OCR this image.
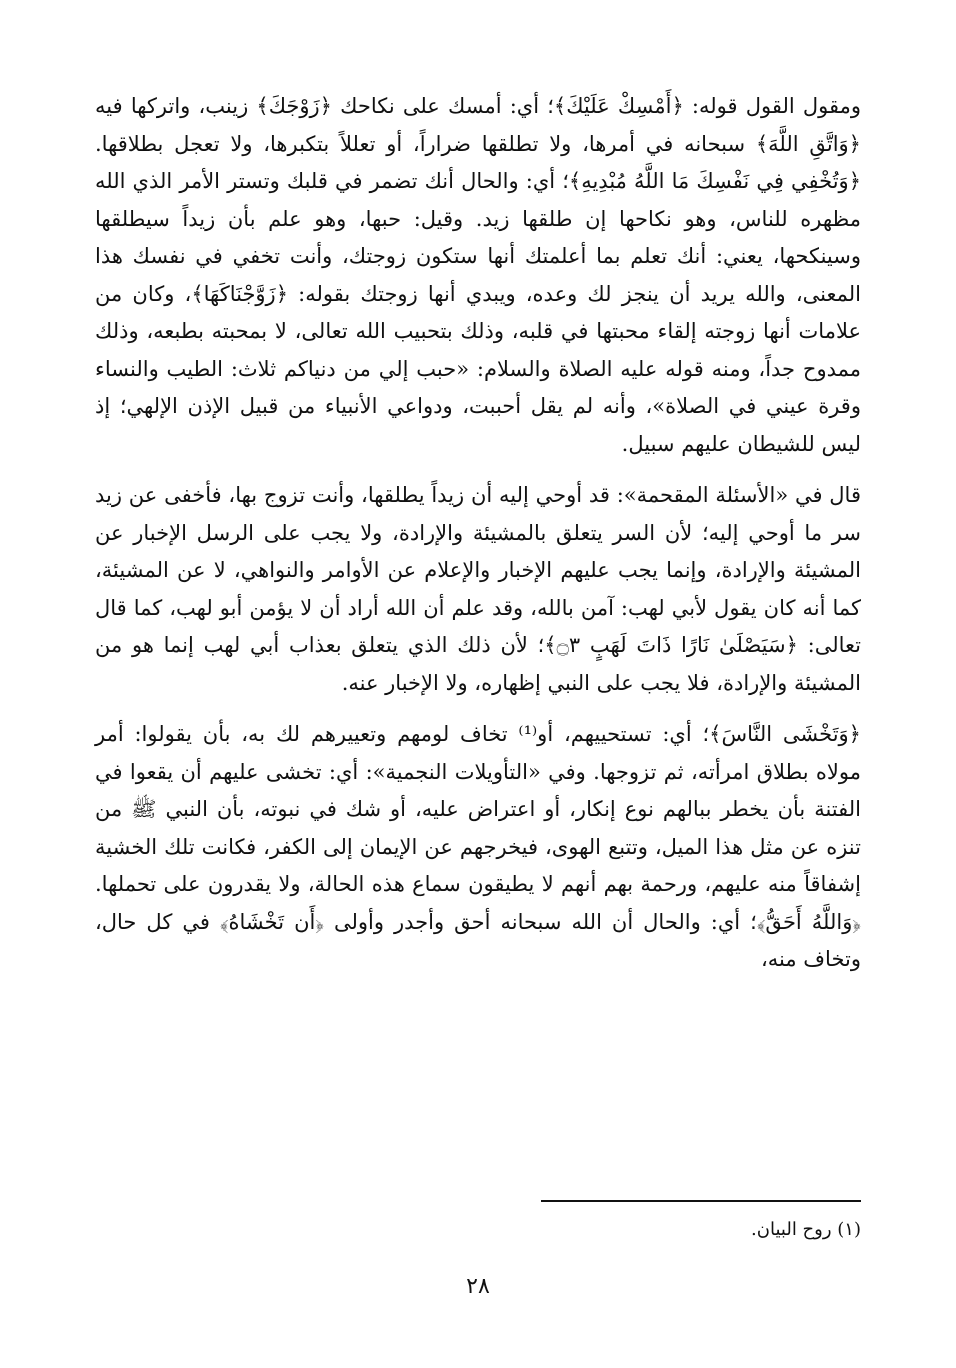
ومقول القول قوله: ﴿أَمْسِكْ عَلَيْكَ﴾؛ أي: أمسك على نكاحك ﴿زَوْجَكَ﴾ زينب، واتركها فيه ﴿وَاتَّقِ اللَّهَ﴾ سبحانه في أمرها، ولا تطلقها ضراراً، أو تعللاً بتكبرها، ولا تعجل بطلاقها. ﴿وَتُخْفِي فِي نَفْسِكَ مَا اللَّهُ مُبْدِيهِ﴾؛ أي: والحال أنك تضمر في قلبك وتستر الأمر الذي الله مظهره للناس، وهو نكاحها إن طلقها زيد. وقيل: حبها، وهو علم بأن زيداً سيطلقها وسينكحها، يعني: أنك تعلم بما أعلمتك أنها ستكون زوجتك، وأنت تخفي في نفسك هذا المعنى، والله يريد أن ينجز لك وعده، ويبدي أنها زوجتك بقوله: ﴿زَوَّجْنَاكَهَا﴾، وكان من علامات أنها زوجته إلقاء محبتها في قلبه، وذلك بتحبيب الله تعالى، لا بمحبته بطبعه، وذلك ممدوح جداً، ومنه قوله عليه الصلاة والسلام: «حبب إلي من دنياكم ثلاث: الطيب والنساء وقرة عيني في الصلاة»، وأنه لم يقل أحببت، ودواعي الأنبياء من قبيل الإذن الإلهي؛ إذ ليس للشيطان عليهم سبيل.

قال في «الأسئلة المقحمة»: قد أوحي إليه أن زيداً يطلقها، وأنت تزوج بها، فأخفى عن زيد سر ما أوحي إليه؛ لأن السر يتعلق بالمشيئة والإرادة، ولا يجب على الرسل الإخبار عن المشيئة والإرادة، وإنما يجب عليهم الإخبار والإعلام عن الأوامر والنواهي، لا عن المشيئة، كما أنه كان يقول لأبي لهب: آمن بالله، وقد علم أن الله أراد أن لا يؤمن أبو لهب، كما قال تعالى: ﴿سَيَصْلَىٰ نَارًا ذَاتَ لَهَبٍ ۝٣﴾؛ لأن ذلك الذي يتعلق بعذاب أبي لهب إنما هو من المشيئة والإرادة، فلا يجب على النبي إظهاره، ولا الإخبار عنه.

﴿وَتَخْشَى النَّاسَ﴾؛ أي: تستحييهم، أو⁽¹⁾ تخاف لومهم وتعييرهم لك به، بأن يقولوا: أمر مولاه بطلاق امرأته، ثم تزوجها. وفي «التأويلات النجمية»: أي: تخشى عليهم أن يقعوا في الفتنة بأن يخطر ببالهم نوع إنكار، أو اعتراض عليه، أو شك في نبوته، بأن النبي ﷺ من تنزه عن مثل هذا الميل، وتتبع الهوى، فيخرجهم عن الإيمان إلى الكفر، فكانت تلك الخشية إشفاقاً منه عليهم، ورحمة بهم أنهم لا يطيقون سماع هذه الحالة، ولا يقدرون على تحملها. ﴿وَاللَّهُ أَحَقُّ﴾؛ أي: والحال أن الله سبحانه أحق وأجدر وأولى ﴿أَن تَخْشَاهُ﴾ في كل حال، وتخاف منه،

(١) روح البيان.
٢٨
